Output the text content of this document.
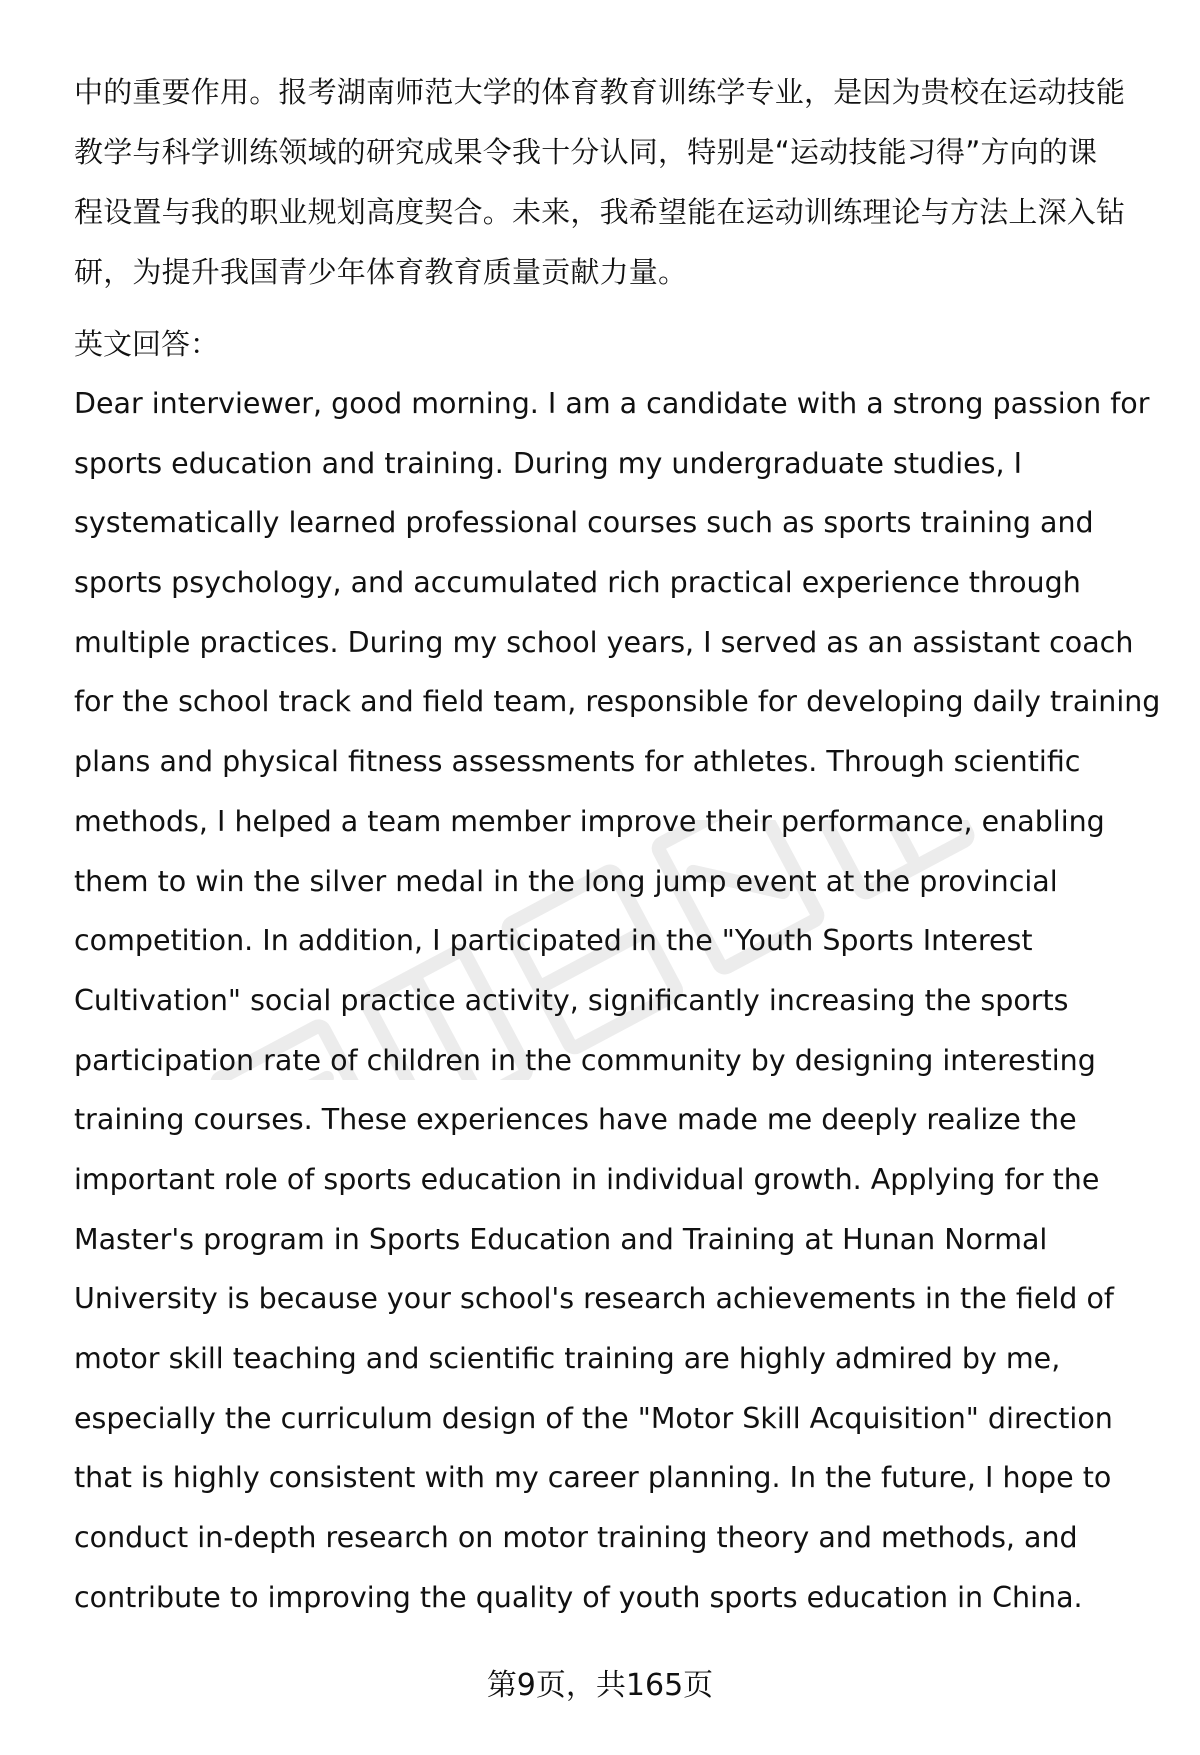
中的重要作用。报考湖南师范大学的体育教育训练学专业，是因为贵校在运动技能
教学与科学训练领域的研究成果令我十分认同，特别是“运动技能习得”方向的课
程设置与我的职业规划高度契合。未来，我希望能在运动训练理论与方法上深入钻
研，为提升我国青少年体育教育质量贡献力量。
英文回答：
Dear interviewer, good morning. I am a candidate with a strong passion for
sports education and training. During my undergraduate studies, I
systematically learned professional courses such as sports training and
sports psychology, and accumulated rich practical experience through
multiple practices. During my school years, I served as an assistant coach
for the school track and field team, responsible for developing daily training
plans and physical fitness assessments for athletes. Through scientific
methods, I helped a team member improve their performance, enabling
them to win the silver medal in the long jump event at the provincial
competition. In addition, I participated in the "Youth Sports Interest
Cultivation" social practice activity, significantly increasing the sports
participation rate of children in the community by designing interesting
training courses. These experiences have made me deeply realize the
important role of sports education in individual growth. Applying for the
Master's program in Sports Education and Training at Hunan Normal
University is because your school's research achievements in the field of
motor skill teaching and scientific training are highly admired by me,
especially the curriculum design of the "Motor Skill Acquisition" direction
that is highly consistent with my career planning. In the future, I hope to
conduct in-depth research on motor training theory and methods, and
contribute to improving the quality of youth sports education in China.
第9页，共165页
